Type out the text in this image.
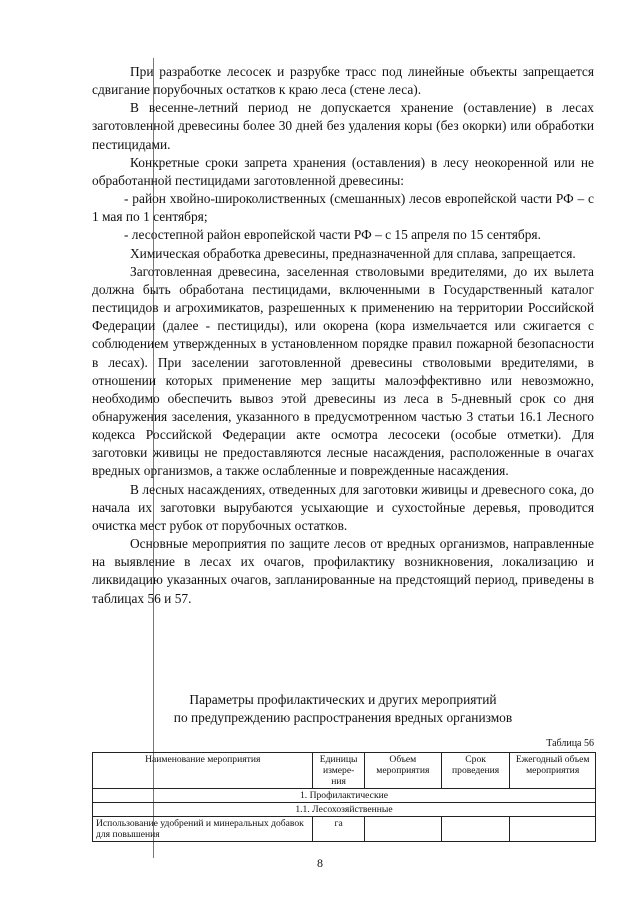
При разработке лесосек и разрубке трасс под линейные объекты запрещается сдвигание порубочных остатков к краю леса (стене леса).

В весенне-летний период не допускается хранение (оставление) в лесах заготовленной древесины более 30 дней без удаления коры (без окорки) или обработки пестицидами.

Конкретные сроки запрета хранения (оставления) в лесу неокоренной или не обработанной пестицидами заготовленной древесины:

- район хвойно-широколиственных (смешанных) лесов европейской части РФ – с 1 мая по 1 сентября;

- лесостепной район европейской части РФ – с 15 апреля по 15 сентября.

Химическая обработка древесины, предназначенной для сплава, запрещается.

Заготовленная древесина, заселенная стволовыми вредителями, до их вылета должна быть обработана пестицидами, включенными в Государственный каталог пестицидов и агрохимикатов, разрешенных к применению на территории Российской Федерации (далее - пестициды), или окорена (кора измельчается или сжигается с соблюдением утвержденных в установленном порядке правил пожарной безопасности в лесах). При заселении заготовленной древесины стволовыми вредителями, в отношении которых применение мер защиты малоэффективно или невозможно, необходимо обеспечить вывоз этой древесины из леса в 5-дневный срок со дня обнаружения заселения, указанного в предусмотренном частью 3 статьи 16.1 Лесного кодекса Российской Федерации акте осмотра лесосеки (особые отметки). Для заготовки живицы не предоставляются лесные насаждения, расположенные в очагах вредных организмов, а также ослабленные и поврежденные насаждения.

В лесных насаждениях, отведенных для заготовки живицы и древесного сока, до начала их заготовки вырубаются усыхающие и сухостойные деревья, проводится очистка мест рубок от порубочных остатков.

Основные мероприятия по защите лесов от вредных организмов, направленные на выявление в лесах их очагов, профилактику возникновения, локализацию и ликвидацию указанных очагов, запланированные на предстоящий период, приведены в таблицах 56 и 57.

Параметры профилактических и других мероприятий
по предупреждению распространения вредных организмов
Таблица 56
Наименование мероприятия	Единицы измере-ния	Объем мероприятия	Срок проведения	Ежегодный объем мероприятия
1. Профилактические				
1.1. Лесохозяйственные				
Использование удобрений и минеральных добавок для повышения	га			
8
